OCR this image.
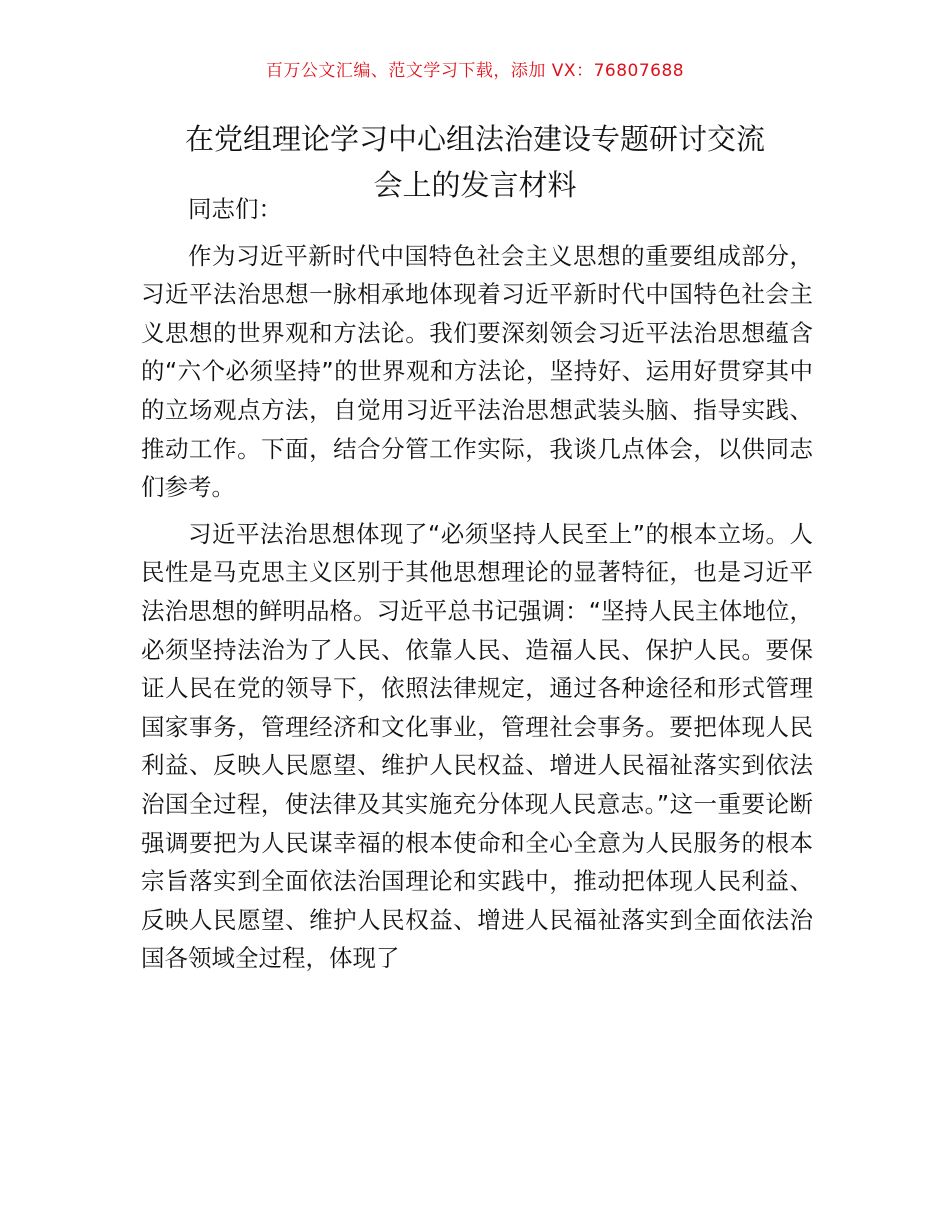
百万公文汇编、范文学习下载，添加 VX：76807688
在党组理论学习中心组法治建设专题研讨交流
会上的发言材料

同志们：

作为习近平新时代中国特色社会主义思想的重要组成部分，习近平法治思想一脉相承地体现着习近平新时代中国特色社会主义思想的世界观和方法论。我们要深刻领会习近平法治思想蕴含的“六个必须坚持”的世界观和方法论，坚持好、运用好贯穿其中的立场观点方法，自觉用习近平法治思想武装头脑、指导实践、推动工作。下面，结合分管工作实际，我谈几点体会，以供同志们参考。

习近平法治思想体现了“必须坚持人民至上”的根本立场。人民性是马克思主义区别于其他思想理论的显著特征，也是习近平法治思想的鲜明品格。习近平总书记强调：“坚持人民主体地位，必须坚持法治为了人民、依靠人民、造福人民、保护人民。要保证人民在党的领导下，依照法律规定，通过各种途径和形式管理国家事务，管理经济和文化事业，管理社会事务。要把体现人民利益、反映人民愿望、维护人民权益、增进人民福祉落实到依法治国全过程，使法律及其实施充分体现人民意志。”这一重要论断强调要把为人民谋幸福的根本使命和全心全意为人民服务的根本宗旨落实到全面依法治国理论和实践中，推动把体现人民利益、反映人民愿望、维护人民权益、增进人民福祉落实到全面依法治国各领域全过程，体现了
